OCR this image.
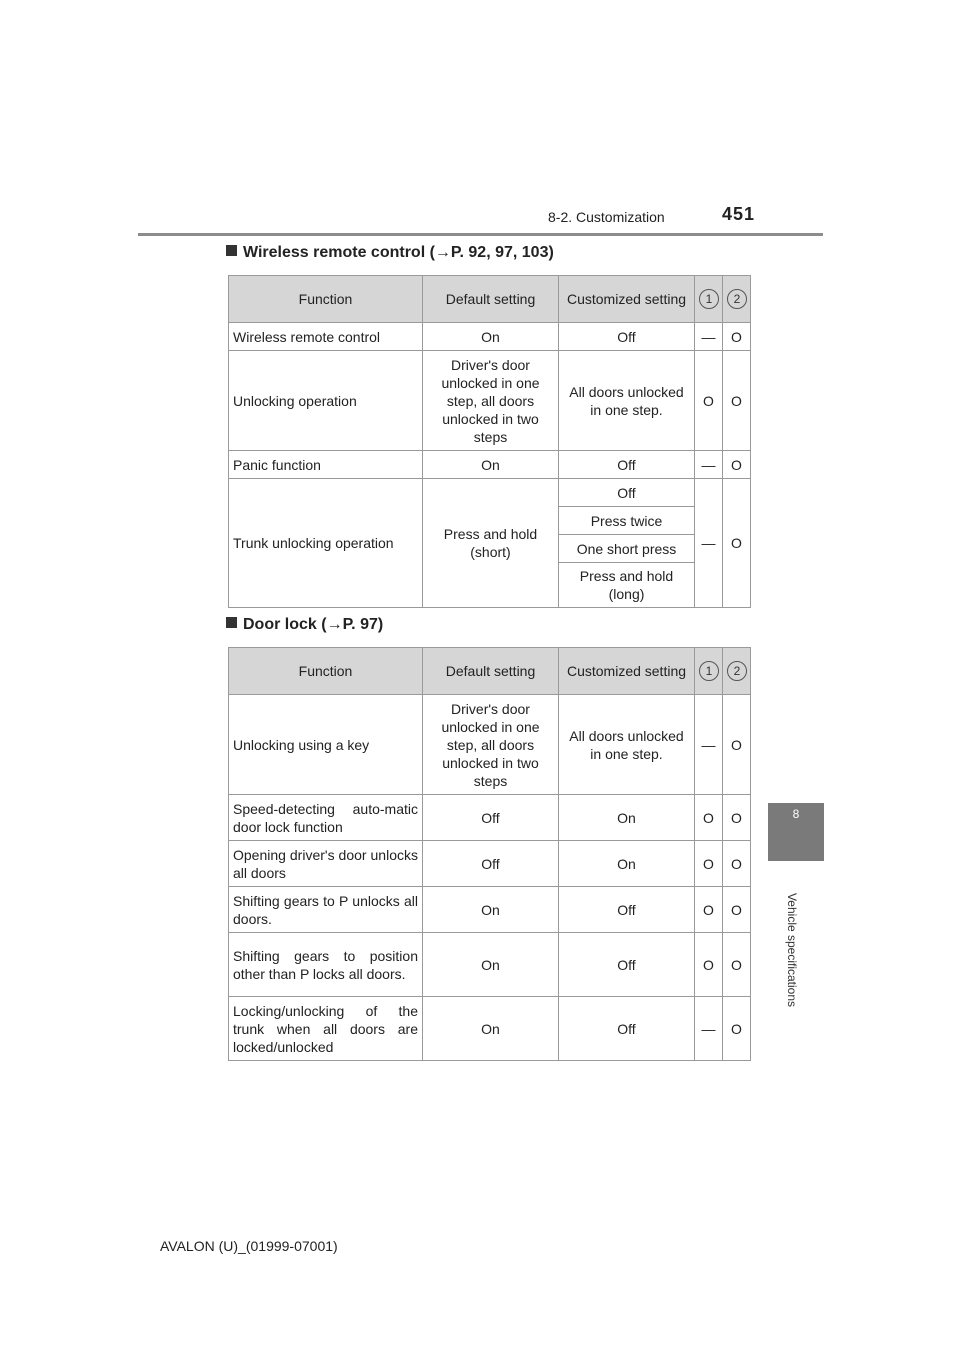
8-2. Customization	451
8
Vehicle specifications
Wireless remote control (→P. 92, 97, 103)
Function	Default setting	Customized setting	1	2
Wireless remote control	On	Off	—	O
Unlocking operation	Driver's door unlocked in one step, all doors unlocked in two steps	All doors unlocked in one step.	O	O
Panic function	On	Off	—	O
Trunk unlocking operation	Press and hold (short)	Off	—	O
		Press twice		
		One short press		
		Press and hold (long)		
Door lock (→P. 97)
Function	Default setting	Customized setting	1	2
Unlocking using a key	Driver's door unlocked in one step, all doors unlocked in two steps	All doors unlocked in one step.	—	O
Speed-detecting auto-matic door lock function	Off	On	O	O
Opening driver's door unlocks all doors	Off	On	O	O
Shifting gears to P unlocks all doors.	On	Off	O	O
Shifting gears to position other than P locks all doors.	On	Off	O	O
Locking/unlocking of the trunk when all doors are locked/unlocked	On	Off	—	O
AVALON (U)_(01999-07001)
